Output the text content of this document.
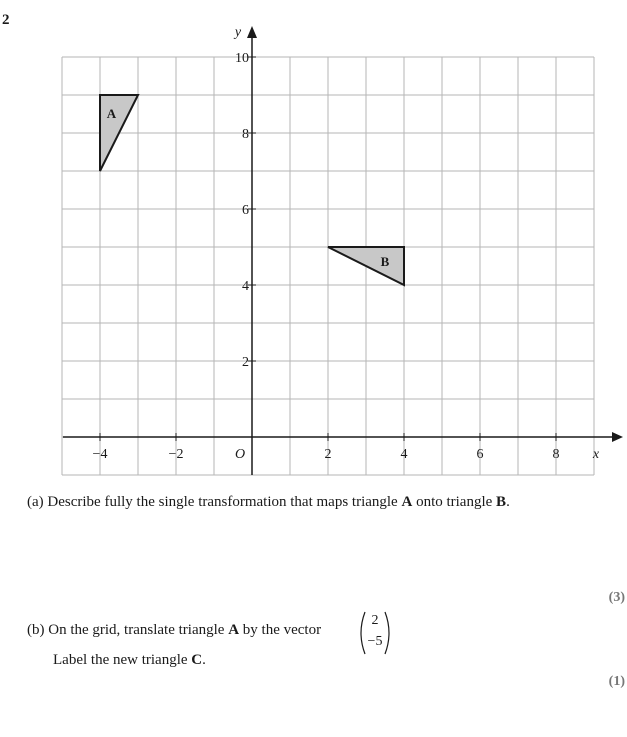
2
−4	−2	2	4	6	8
2
4
6
8
10
O	x
y
A
B
(a) Describe fully the single transformation that maps triangle A onto triangle B.
(3)
(b) On the grid, translate triangle A by the vector
2
−5
Label the new triangle C.
(1)
